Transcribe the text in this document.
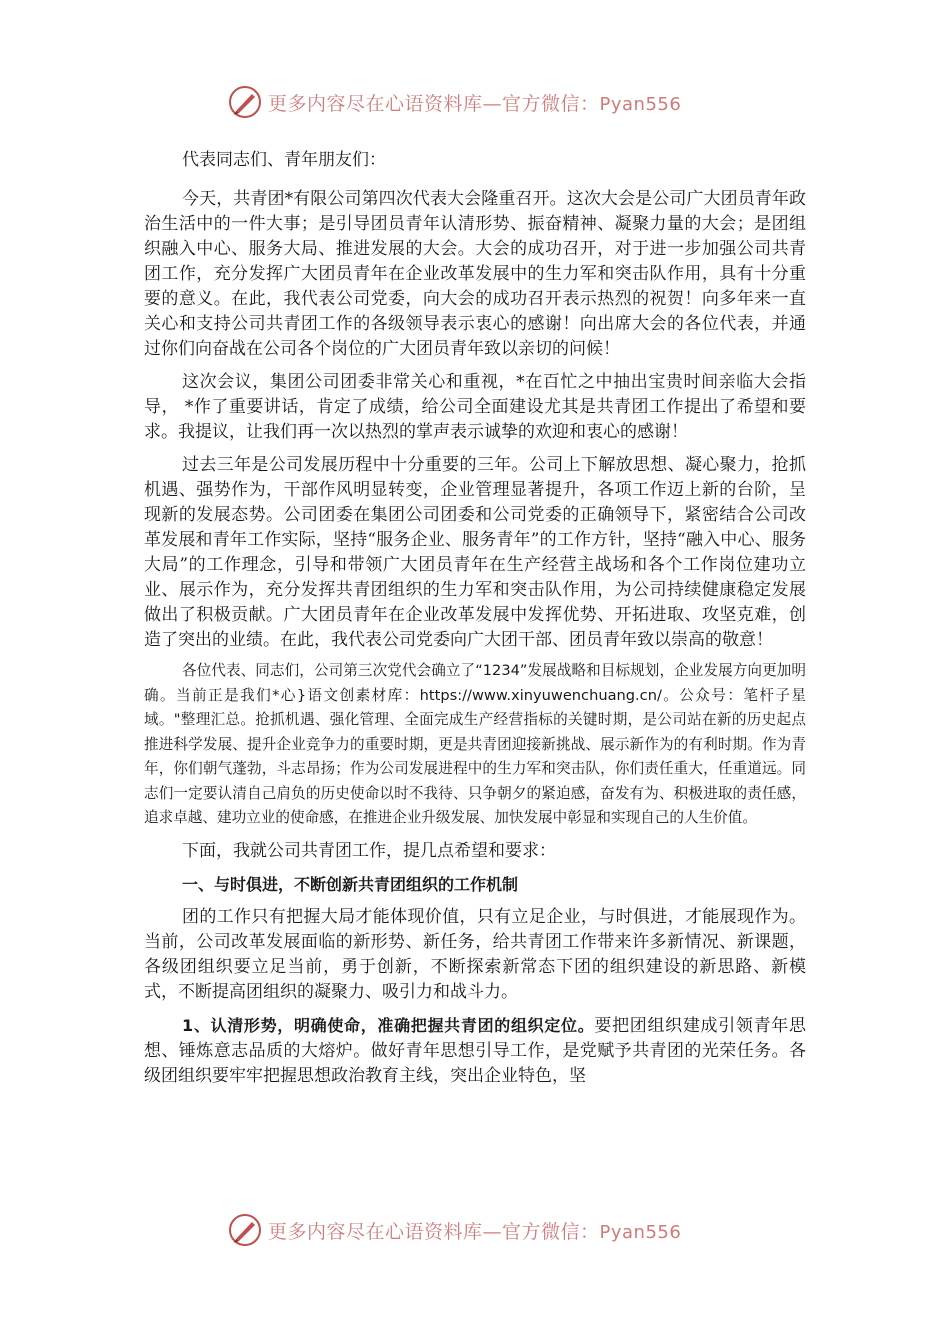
更多内容尽在心语资料库—官方微信：Pyan556

代表同志们、青年朋友们：

今天，共青团*有限公司第四次代表大会隆重召开。这次大会是公司广大团员青年政治生活中的一件大事；是引导团员青年认清形势、振奋精神、凝聚力量的大会；是团组织融入中心、服务大局、推进发展的大会。大会的成功召开，对于进一步加强公司共青团工作，充分发挥广大团员青年在企业改革发展中的生力军和突击队作用，具有十分重要的意义。在此，我代表公司党委，向大会的成功召开表示热烈的祝贺！向多年来一直关心和支持公司共青团工作的各级领导表示衷心的感谢！向出席大会的各位代表，并通过你们向奋战在公司各个岗位的广大团员青年致以亲切的问候！

这次会议，集团公司团委非常关心和重视，*在百忙之中抽出宝贵时间亲临大会指导， *作了重要讲话，肯定了成绩，给公司全面建设尤其是共青团工作提出了希望和要求。我提议，让我们再一次以热烈的掌声表示诚挚的欢迎和衷心的感谢！

过去三年是公司发展历程中十分重要的三年。公司上下解放思想、凝心聚力，抢抓机遇、强势作为，干部作风明显转变，企业管理显著提升，各项工作迈上新的台阶，呈现新的发展态势。公司团委在集团公司团委和公司党委的正确领导下，紧密结合公司改革发展和青年工作实际，坚持“服务企业、服务青年”的工作方针，坚持“融入中心、服务大局”的工作理念，引导和带领广大团员青年在生产经营主战场和各个工作岗位建功立业、展示作为，充分发挥共青团组织的生力军和突击队作用，为公司持续健康稳定发展做出了积极贡献。广大团员青年在企业改革发展中发挥优势、开拓进取、攻坚克难，创造了突出的业绩。在此，我代表公司党委向广大团干部、团员青年致以崇高的敬意！

各位代表、同志们，公司第三次党代会确立了“1234”发展战略和目标规划，企业发展方向更加明确。当前正是我们*心}语文创素材库：https://www.xinyuwenchuang.cn/。公众号：笔杆子星域。"整理汇总。抢抓机遇、强化管理、全面完成生产经营指标的关键时期，是公司站在新的历史起点推进科学发展、提升企业竞争力的重要时期，更是共青团迎接新挑战、展示新作为的有利时期。作为青年，你们朝气蓬勃，斗志昂扬；作为公司发展进程中的生力军和突击队，你们责任重大，任重道远。同志们一定要认清自己肩负的历史使命以时不我待、只争朝夕的紧迫感，奋发有为、积极进取的责任感，追求卓越、建功立业的使命感，在推进企业升级发展、加快发展中彰显和实现自己的人生价值。

下面，我就公司共青团工作，提几点希望和要求：

一、与时俱进，不断创新共青团组织的工作机制

团的工作只有把握大局才能体现价值，只有立足企业，与时俱进，才能展现作为。当前，公司改革发展面临的新形势、新任务，给共青团工作带来许多新情况、新课题，各级团组织要立足当前，勇于创新，不断探索新常态下团的组织建设的新思路、新模式，不断提高团组织的凝聚力、吸引力和战斗力。

1、认清形势，明确使命，准确把握共青团的组织定位。要把团组织建成引领青年思想、锤炼意志品质的大熔炉。做好青年思想引导工作，是党赋予共青团的光荣任务。各级团组织要牢牢把握思想政治教育主线，突出企业特色，坚

更多内容尽在心语资料库—官方微信：Pyan556
